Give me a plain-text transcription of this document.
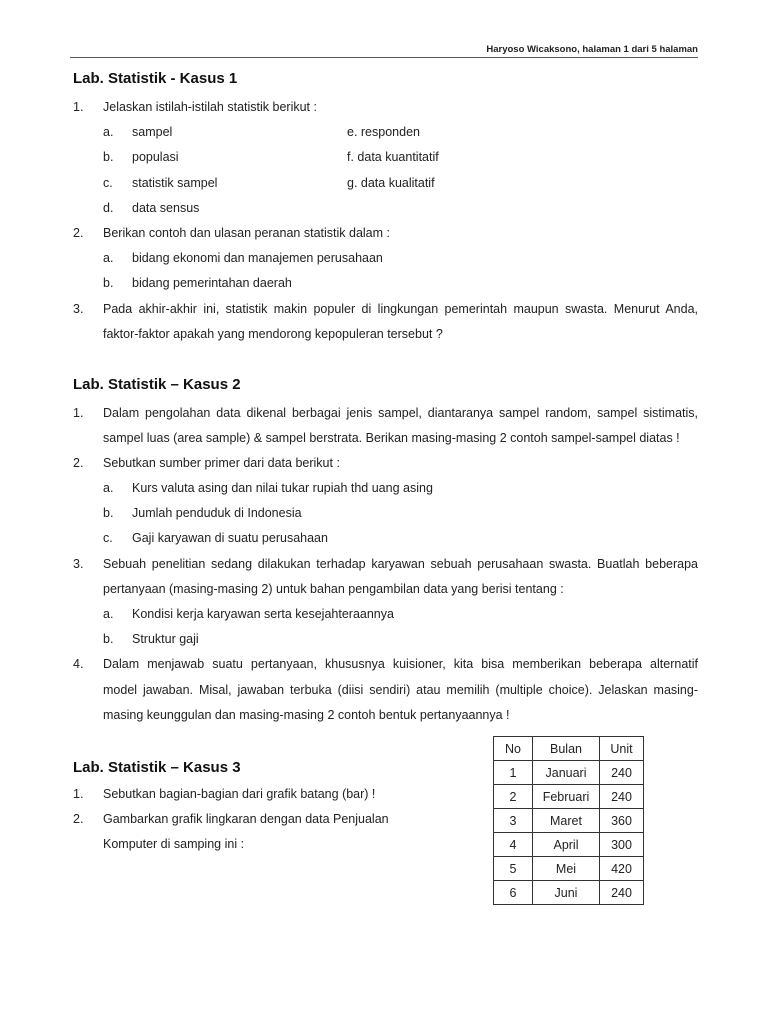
Haryoso Wicaksono, halaman 1 dari 5 halaman
Lab. Statistik - Kasus 1
1. Jelaskan istilah-istilah statistik berikut :
a. sampel	e. responden
b. populasi	f. data kuantitatif
c. statistik sampel	g. data kualitatif
d. data sensus
2. Berikan contoh dan ulasan peranan statistik dalam :
a. bidang ekonomi dan manajemen perusahaan
b. bidang pemerintahan daerah
3. Pada akhir-akhir ini, statistik makin populer di lingkungan pemerintah maupun swasta. Menurut Anda,
faktor-faktor apakah yang mendorong kepopuleran tersebut ?
Lab. Statistik – Kasus 2
1. Dalam pengolahan data dikenal berbagai jenis sampel, diantaranya sampel random, sampel sistimatis,
sampel luas (area sample) & sampel berstrata. Berikan masing-masing 2 contoh sampel-sampel diatas !
2. Sebutkan sumber primer dari data berikut :
a. Kurs valuta asing dan nilai tukar rupiah thd uang asing
b. Jumlah penduduk di Indonesia
c. Gaji karyawan di suatu perusahaan
3. Sebuah penelitian sedang dilakukan terhadap karyawan sebuah perusahaan swasta. Buatlah beberapa
pertanyaan (masing-masing 2) untuk bahan pengambilan data yang berisi tentang :
a. Kondisi kerja karyawan serta kesejahteraannya
b. Struktur gaji
4. Dalam menjawab suatu pertanyaan, khususnya kuisioner, kita bisa memberikan beberapa alternatif
model jawaban. Misal, jawaban terbuka (diisi sendiri) atau memilih (multiple choice). Jelaskan masing-
masing keunggulan dan masing-masing 2 contoh bentuk pertanyaannya !
Lab. Statistik – Kasus 3
1. Sebutkan bagian-bagian dari grafik batang (bar) !
2. Gambarkan grafik lingkaran dengan data Penjualan
Komputer di samping ini :
No	Bulan	Unit
1	Januari	240
2	Februari	240
3	Maret	360
4	April	300
5	Mei	420
6	Juni	240
